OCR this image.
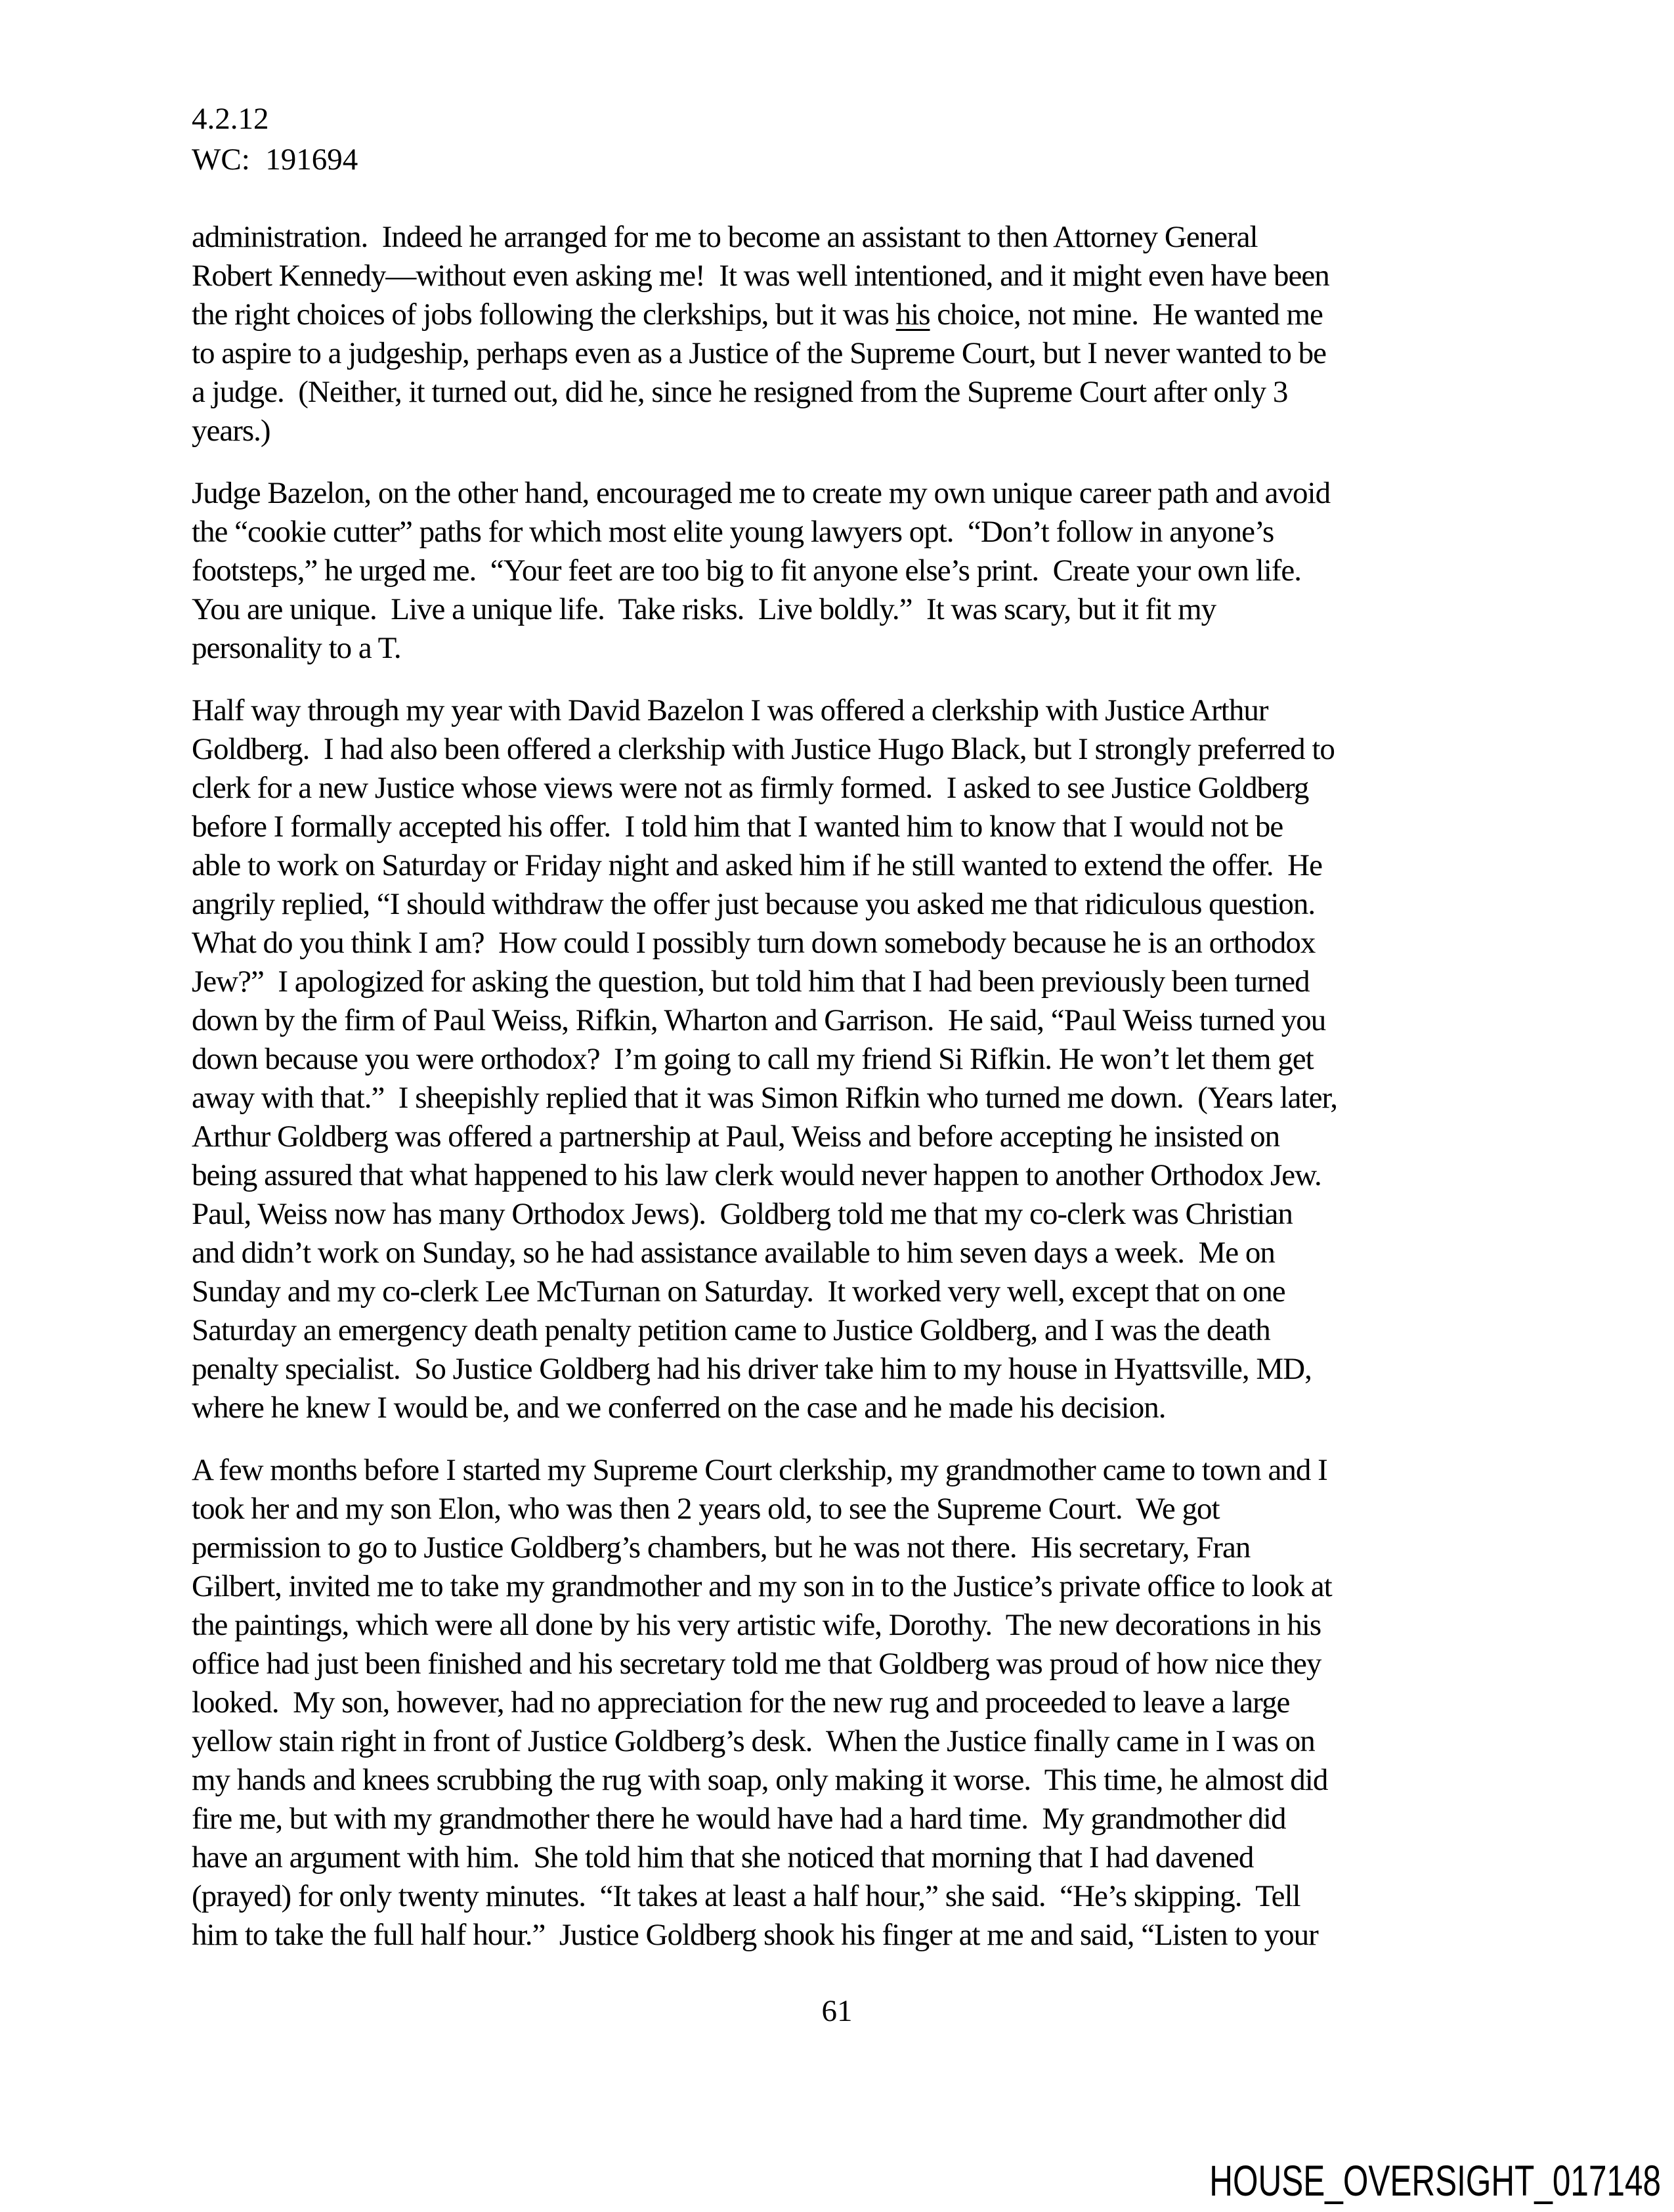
4.2.12
WC:  191694
administration.  Indeed he arranged for me to become an assistant to then Attorney General
Robert Kennedy—without even asking me!  It was well intentioned, and it might even have been
the right choices of jobs following the clerkships, but it was his choice, not mine.  He wanted me
to aspire to a judgeship, perhaps even as a Justice of the Supreme Court, but I never wanted to be
a judge.  (Neither, it turned out, did he, since he resigned from the Supreme Court after only 3
years.)
Judge Bazelon, on the other hand, encouraged me to create my own unique career path and avoid
the “cookie cutter” paths for which most elite young lawyers opt.  “Don’t follow in anyone’s
footsteps,” he urged me.  “Your feet are too big to fit anyone else’s print.  Create your own life.
You are unique.  Live a unique life.  Take risks.  Live boldly.”  It was scary, but it fit my
personality to a T.
Half way through my year with David Bazelon I was offered a clerkship with Justice Arthur
Goldberg.  I had also been offered a clerkship with Justice Hugo Black, but I strongly preferred to
clerk for a new Justice whose views were not as firmly formed.  I asked to see Justice Goldberg
before I formally accepted his offer.  I told him that I wanted him to know that I would not be
able to work on Saturday or Friday night and asked him if he still wanted to extend the offer.  He
angrily replied, “I should withdraw the offer just because you asked me that ridiculous question.
What do you think I am?  How could I possibly turn down somebody because he is an orthodox
Jew?”  I apologized for asking the question, but told him that I had been previously been turned
down by the firm of Paul Weiss, Rifkin, Wharton and Garrison.  He said, “Paul Weiss turned you
down because you were orthodox?  I’m going to call my friend Si Rifkin. He won’t let them get
away with that.”  I sheepishly replied that it was Simon Rifkin who turned me down.  (Years later,
Arthur Goldberg was offered a partnership at Paul, Weiss and before accepting he insisted on
being assured that what happened to his law clerk would never happen to another Orthodox Jew.
Paul, Weiss now has many Orthodox Jews).  Goldberg told me that my co-clerk was Christian
and didn’t work on Sunday, so he had assistance available to him seven days a week.  Me on
Sunday and my co-clerk Lee McTurnan on Saturday.  It worked very well, except that on one
Saturday an emergency death penalty petition came to Justice Goldberg, and I was the death
penalty specialist.  So Justice Goldberg had his driver take him to my house in Hyattsville, MD,
where he knew I would be, and we conferred on the case and he made his decision.
A few months before I started my Supreme Court clerkship, my grandmother came to town and I
took her and my son Elon, who was then 2 years old, to see the Supreme Court.  We got
permission to go to Justice Goldberg’s chambers, but he was not there.  His secretary, Fran
Gilbert, invited me to take my grandmother and my son in to the Justice’s private office to look at
the paintings, which were all done by his very artistic wife, Dorothy.  The new decorations in his
office had just been finished and his secretary told me that Goldberg was proud of how nice they
looked.  My son, however, had no appreciation for the new rug and proceeded to leave a large
yellow stain right in front of Justice Goldberg’s desk.  When the Justice finally came in I was on
my hands and knees scrubbing the rug with soap, only making it worse.  This time, he almost did
fire me, but with my grandmother there he would have had a hard time.  My grandmother did
have an argument with him.  She told him that she noticed that morning that I had davened
(prayed) for only twenty minutes.  “It takes at least a half hour,” she said.  “He’s skipping.  Tell
him to take the full half hour.”  Justice Goldberg shook his finger at me and said, “Listen to your
61
HOUSE_OVERSIGHT_017148
